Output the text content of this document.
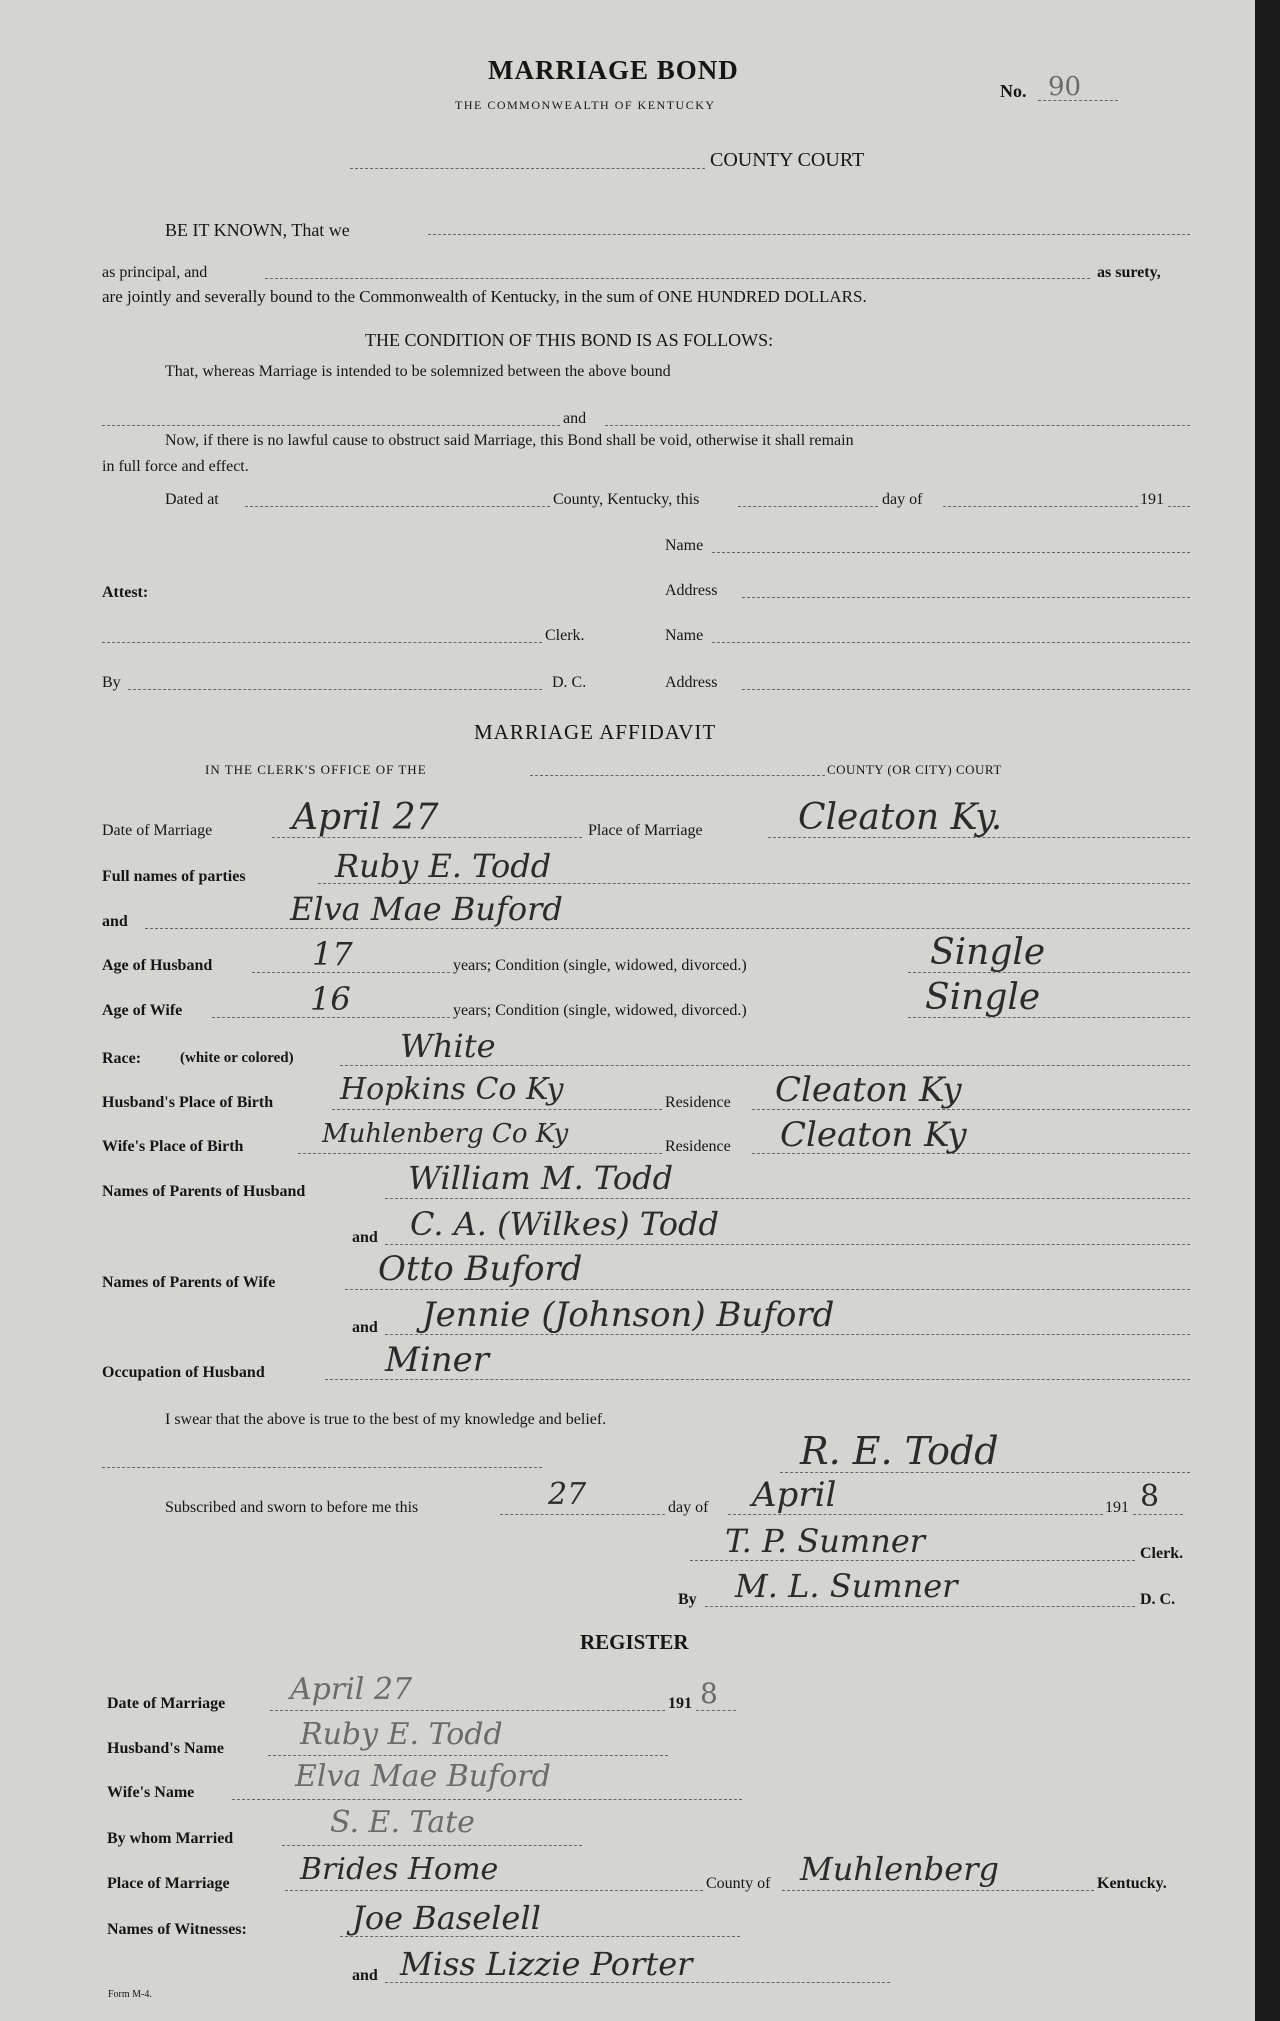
MARRIAGE BOND
THE COMMONWEALTH OF KENTUCKY
No. 90
COUNTY COURT
BE IT KNOWN, That we
as principal, and	as surety,
are jointly and severally bound to the Commonwealth of Kentucky, in the sum of ONE HUNDRED DOLLARS.
THE CONDITION OF THIS BOND IS AS FOLLOWS:
That, whereas Marriage is intended to be solemnized between the above bound
and
Now, if there is no lawful cause to obstruct said Marriage, this Bond shall be void, otherwise it shall remain
in full force and effect.
Dated at	County, Kentucky, this	day of	191
Name
Attest:	Address
Clerk.	Name
By	D. C.	Address
MARRIAGE AFFIDAVIT
IN THE CLERK'S OFFICE OF THE	COUNTY (OR CITY) COURT
Date of Marriage April 27	Place of Marriage	Cleaton Ky.
Full names of parties	Ruby E. Todd
and	Elva Mae Buford
Age of Husband	17	years; Condition (single, widowed, divorced.)	Single
Age of Wife	16	years; Condition (single, widowed, divorced.)	Single
Race:	(white or colored)	White
Husband's Place of Birth Hopkins Co Ky	Residence Cleaton Ky
Wife's Place of Birth	Muhlenberg Co Ky	Residence Cleaton Ky
Names of Parents of Husband	William M. Todd
and C. A. (Wilkes) Todd
Names of Parents of Wife	Otto Buford
and Jennie (Johnson) Buford
Occupation of Husband	Miner
I swear that the above is true to the best of my knowledge and belief.
R. E. Todd
Subscribed and sworn to before me this	27	day of April	191 8
T. P. Sumner	Clerk.
By M. L. Sumner	D. C.
REGISTER
Date of Marriage April 27	191 8
Husband's Name	Ruby E. Todd
Wife's Name	Elva Mae Buford
By whom Married	S. E. Tate
Place of Marriage Brides Home	County of Muhlenberg	Kentucky.
Names of Witnesses:	Joe Baselell
and Miss Lizzie Porter
Form M-4.
